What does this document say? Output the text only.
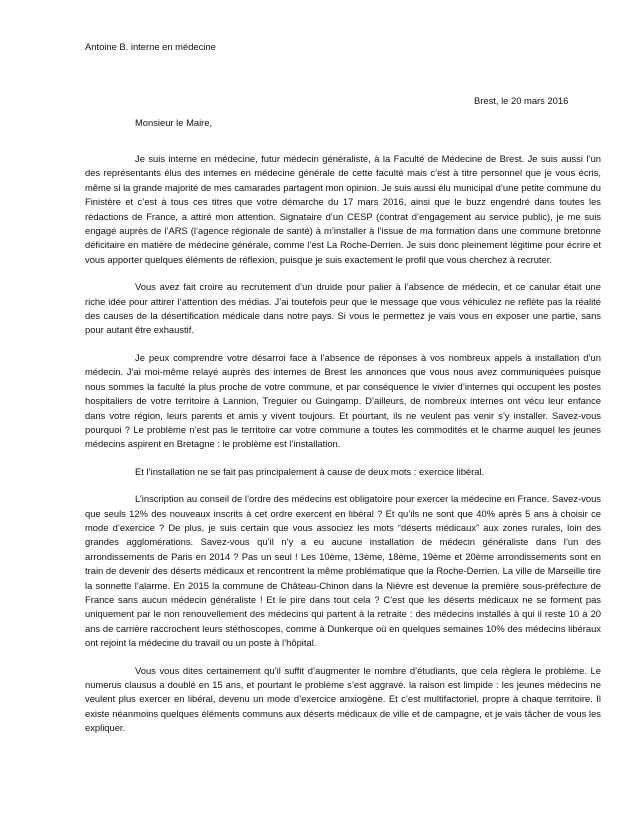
Antoine B. interne en médecine
Brest, le 20 mars 2016
Monsieur le Maire,

Je suis interne en médecine, futur médecin généraliste, à la Faculté de Médecine de Brest. Je suis aussi l’un des représentants élus des internes en médecine générale de cette faculté mais c’est à titre personnel que je vous écris, même si la grande majorité de mes camarades partagent mon opinion. Je suis aussi élu municipal d’une petite commune du Finistère et c’est à tous ces titres que votre démarche du 17 mars 2016, ainsi que le buzz engendré dans toutes les rédactions de France, a attiré mon attention. Signataire d’un CESP (contrat d’engagement au service public), je me suis engagé auprès de l’ARS (l’agence régionale de santé) à m’installer à l’issue de ma formation dans une commune bretonne déficitaire en matière de médecine générale, comme l’est La Roche-Derrien. Je suis donc pleinement légitime pour écrire et vous apporter quelques éléments de réflexion, puisque je suis exactement le profil que vous cherchez à recruter.

Vous avez fait croire au recrutement d’un druide pour palier à l’absence de médecin, et ce canular était une riche idée pour attirer l’attention des médias. J’ai toutefois peur que le message que vous véhiculez ne reflète pas la réalité des causes de la désertification médicale dans notre pays. Si vous le permettez je vais vous en exposer une partie, sans pour autant être exhaustif.

Je peux comprendre votre désarroi face à l’absence de réponses à vos nombreux appels à installation d’un médecin. J’ai moi-même relayé auprès des internes de Brest les annonces que vous nous avez communiquées puisque nous sommes la faculté la plus proche de votre commune, et par conséquence le vivier d’internes qui occupent les postes hospitaliers de votre territoire à Lannion, Treguier ou Guingamp. D’ailleurs, de nombreux internes ont vécu leur enfance dans votre région, leurs parents et amis y vivent toujours. Et pourtant, ils ne veulent pas venir s’y installer. Savez-vous pourquoi ? Le problème n’est pas le territoire car votre commune a toutes les commodités et le charme auquel les jeunes médecins aspirent en Bretagne : le problème est l’installation.

Et l’installation ne se fait pas principalement à cause de deux mots : exercice libéral.

L’inscription au conseil de l’ordre des médecins est obligatoire pour exercer la médecine en France. Savez-vous que seuls 12% des nouveaux inscrits à cet ordre exercent en libéral ? Et qu’ils ne sont que 40% après 5 ans à choisir ce mode d’exercice ? De plus, je suis certain que vous associez les mots “déserts médicaux” aux zones rurales, loin des grandes agglomérations. Savez-vous qu’il n’y a eu aucune installation de médecin généraliste dans l’un des arrondissements de Paris en 2014 ? Pas un seul ! Les 10ème, 13ème, 18ème, 19ème et 20ème arrondissements sont en train de devenir des déserts médicaux et rencontrent la même problématique que la Roche-Derrien. La ville de Marseille tire la sonnette l’alarme. En 2015 la commune de Château-Chinon dans la Nièvre est devenue la première sous-préfecture de France sans aucun médecin généraliste ! Et le pire dans tout cela ? C’est que les déserts médicaux ne se forment pas uniquement par le non renouvellement des médecins qui partent à la retraite : des médecins installés à qui il reste 10 à 20 ans de carrière raccrochent leurs stéthoscopes, comme à Dunkerque où en quelques semaines 10% des médecins libéraux ont rejoint la médecine du travail ou un poste à l’hôpital.

Vous vous dites certainement qu’il suffit d’augmenter le nombre d’étudiants, que cela règlera le problème. Le numerus clausus a doublé en 15 ans, et pourtant le problème s’est aggravé. la raison est limpide : les jeunes médecins ne veulent plus exercer en libéral, devenu un mode d’exercice anxiogène. Et c’est multifactoriel, propre à chaque territoire. Il existe néanmoins quelques éléments communs aux déserts médicaux de ville et de campagne, et je vais tâcher de vous les expliquer.
